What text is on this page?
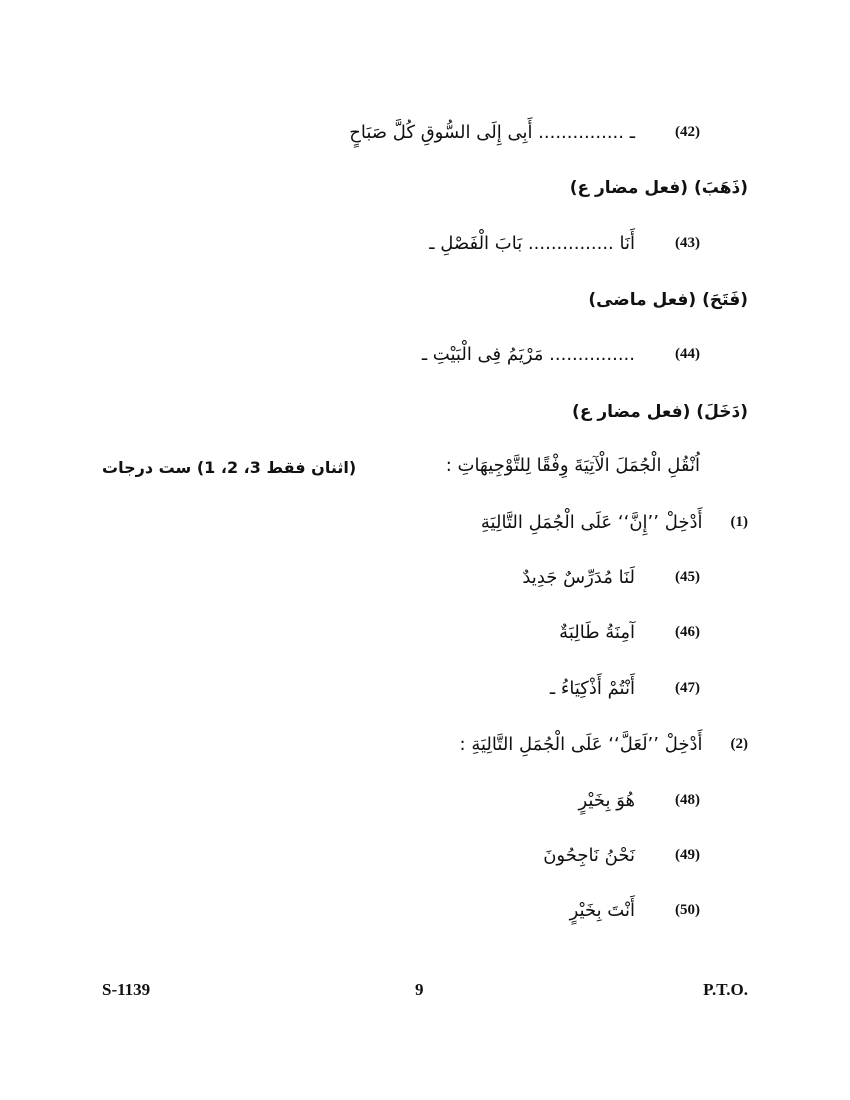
(42)
ـ ............... أَبِى إِلَى السُّوقِ كُلَّ صَبَاحٍ
(ذَهَبَ) (فعل مضار ع)
(43)
أَنَا ............... بَابَ الْفَصْلِ ـ
(فَتَحَ) (فعل ماضى)
(44)
............... مَرْيَمُ فِى الْبَيْتِ ـ
(دَخَلَ) (فعل مضار ع)
اُنْقُلِ الْجُمَلَ الْآتِيَةَ وِفْقًا لِلتَّوْجِيهَاتِ :
(اثنان فقط 3، 2، 1) ست درجات
(1)
أَدْخِلْ ’’إِنَّ‘‘ عَلَى الْجُمَلِ التَّالِيَةِ
(45)
لَنَا مُدَرِّسٌ جَدِيدٌ
(46)
آمِنَةُ طَالِبَةٌ
(47)
أَنْتُمْ أَذْكِيَاءُ ـ
(2)
أَدْخِلْ ’’لَعَلَّ‘‘ عَلَى الْجُمَلِ التَّالِيَةِ :
(48)
هُوَ بِخَيْرٍ
(49)
نَحْنُ نَاجِحُونَ
(50)
أَنْتَ بِخَيْرٍ
S-1139	9	P.T.O.
